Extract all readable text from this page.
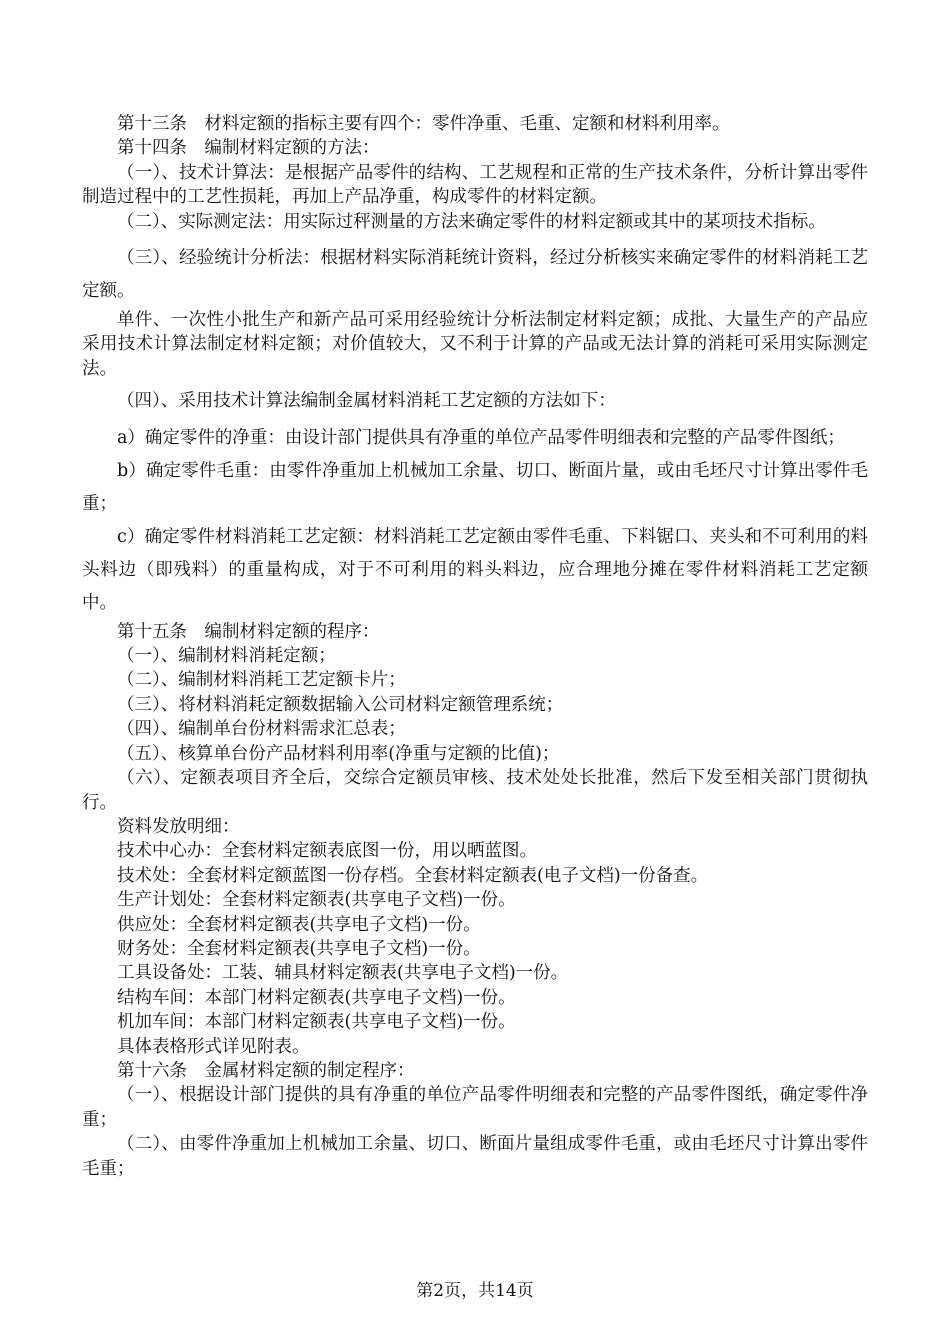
第十三条　材料定额的指标主要有四个：零件净重、毛重、定额和材料利用率。

第十四条　编制材料定额的方法：

（一）、技术计算法：是根据产品零件的结构、工艺规程和正常的生产技术条件，分析计算出零件制造过程中的工艺性损耗，再加上产品净重，构成零件的材料定额。

（二）、实际测定法：用实际过秤测量的方法来确定零件的材料定额或其中的某项技术指标。

（三）、经验统计分析法：根据材料实际消耗统计资料，经过分析核实来确定零件的材料消耗工艺定额。

单件、一次性小批生产和新产品可采用经验统计分析法制定材料定额；成批、大量生产的产品应采用技术计算法制定材料定额；对价值较大，又不利于计算的产品或无法计算的消耗可采用实际测定法。

（四）、采用技术计算法编制金属材料消耗工艺定额的方法如下：

a）确定零件的净重：由设计部门提供具有净重的单位产品零件明细表和完整的产品零件图纸；

b）确定零件毛重：由零件净重加上机械加工余量、切口、断面片量，或由毛坯尺寸计算出零件毛重；

c）确定零件材料消耗工艺定额：材料消耗工艺定额由零件毛重、下料锯口、夹头和不可利用的料头料边（即残料）的重量构成，对于不可利用的料头料边，应合理地分摊在零件材料消耗工艺定额中。

第十五条　编制材料定额的程序：

（一）、编制材料消耗定额；

（二）、编制材料消耗工艺定额卡片；

（三）、将材料消耗定额数据输入公司材料定额管理系统；

（四）、编制单台份材料需求汇总表；

（五）、核算单台份产品材料利用率(净重与定额的比值)；

（六）、定额表项目齐全后，交综合定额员审核、技术处处长批准，然后下发至相关部门贯彻执行。

资料发放明细：

技术中心办：全套材料定额表底图一份，用以晒蓝图。

技术处：全套材料定额蓝图一份存档。全套材料定额表(电子文档)一份备查。

生产计划处：全套材料定额表(共享电子文档)一份。

供应处：全套材料定额表(共享电子文档)一份。

财务处：全套材料定额表(共享电子文档)一份。

工具设备处：工装、辅具材料定额表(共享电子文档)一份。

结构车间：本部门材料定额表(共享电子文档)一份。

机加车间：本部门材料定额表(共享电子文档)一份。

具体表格形式详见附表。

第十六条　金属材料定额的制定程序：

（一）、根据设计部门提供的具有净重的单位产品零件明细表和完整的产品零件图纸，确定零件净重；

（二）、由零件净重加上机械加工余量、切口、断面片量组成零件毛重，或由毛坯尺寸计算出零件毛重；

第2页，共14页
